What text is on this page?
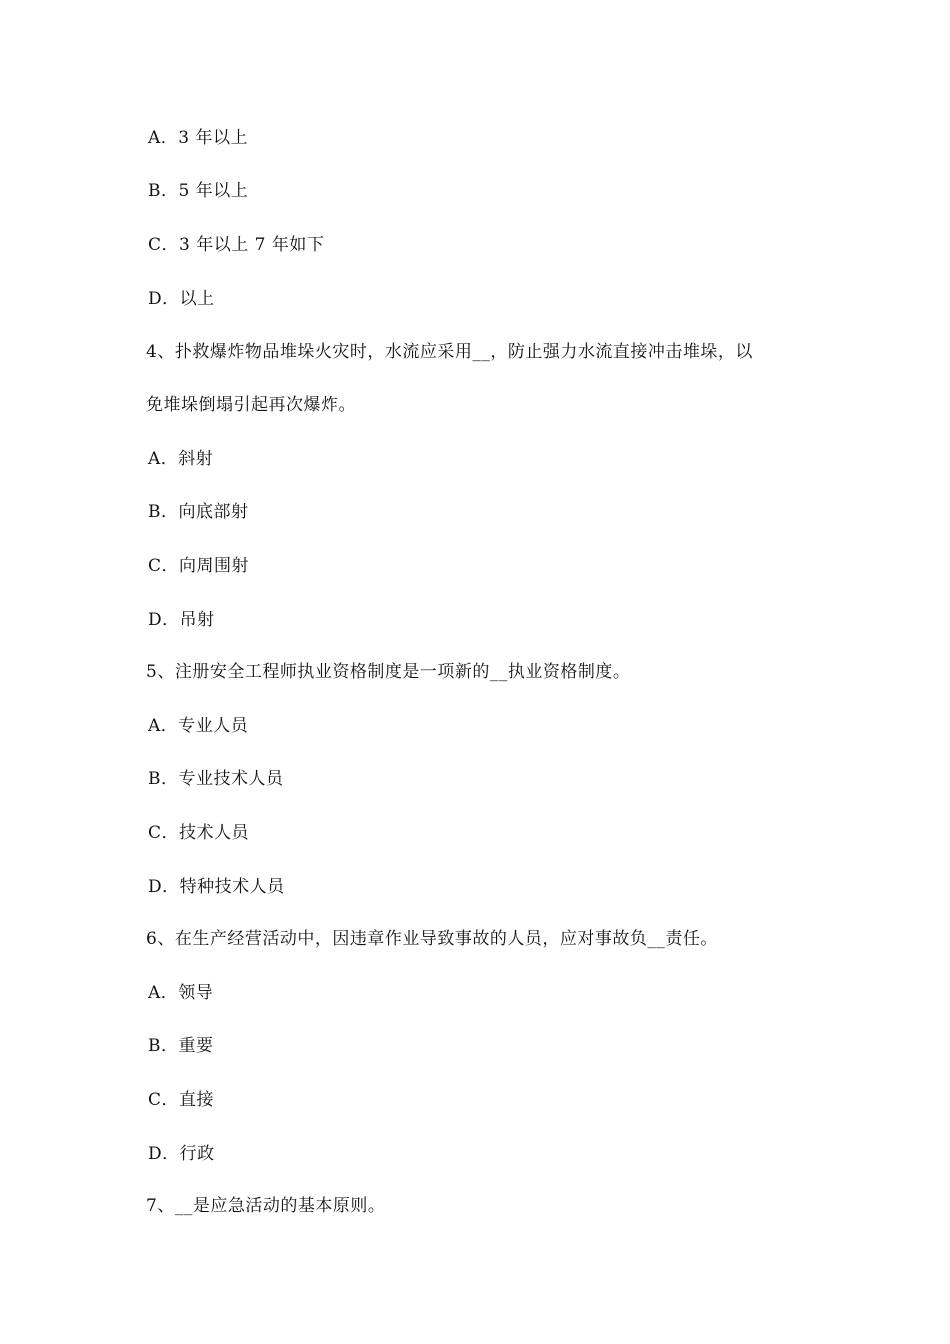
A．3 年以上
B．5 年以上
C．3 年以上 7 年如下
D．以上
4、扑救爆炸物品堆垛火灾时，水流应采用__，防止强力水流直接冲击堆垛，以
免堆垛倒塌引起再次爆炸。
A．斜射
B．向底部射
C．向周围射
D．吊射
5、注册安全工程师执业资格制度是一项新的__执业资格制度。
A．专业人员
B．专业技术人员
C．技术人员
D．特种技术人员
6、在生产经营活动中，因违章作业导致事故的人员，应对事故负__责任。
A．领导
B．重要
C．直接
D．行政
7、__是应急活动的基本原则。
